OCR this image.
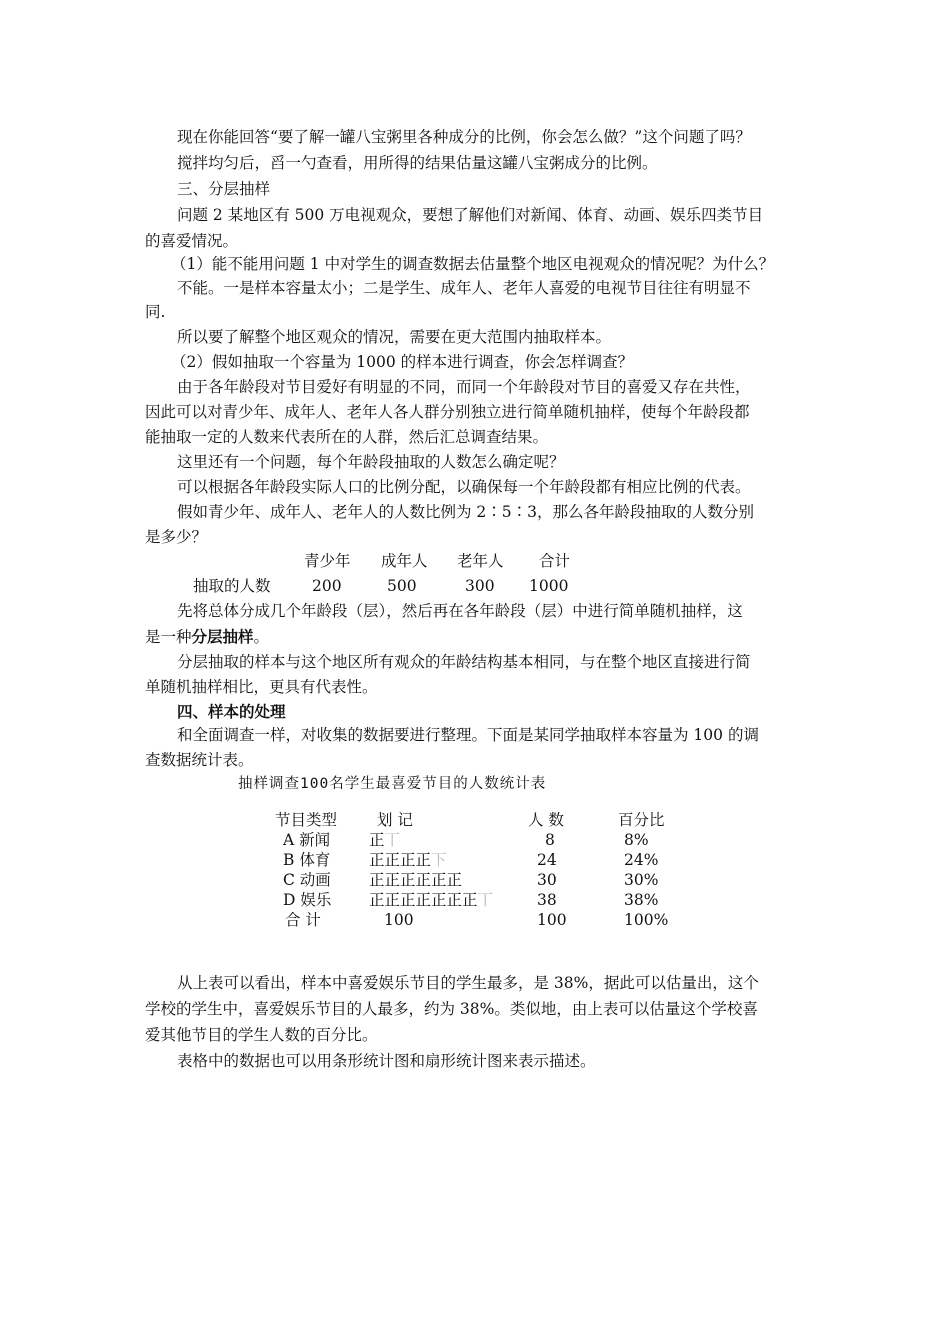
现在你能回答“要了解一罐八宝粥里各种成分的比例，你会怎么做？”这个问题了吗？
搅拌均匀后，舀一勺查看，用所得的结果估量这罐八宝粥成分的比例。
三、分层抽样
问题 2 某地区有 500 万电视观众，要想了解他们对新闻、体育、动画、娱乐四类节目
的喜爱情况。
（1）能不能用问题 1 中对学生的调查数据去估量整个地区电视观众的情况呢？为什么？
不能。一是样本容量太小；二是学生、成年人、老年人喜爱的电视节目往往有明显不
同.
所以要了解整个地区观众的情况，需要在更大范围内抽取样本。
（2）假如抽取一个容量为 1000 的样本进行调查，你会怎样调查？
由于各年龄段对节目爱好有明显的不同，而同一个年龄段对节目的喜爱又存在共性，
因此可以对青少年、成年人、老年人各人群分别独立进行简单随机抽样，使每个年龄段都
能抽取一定的人数来代表所在的人群，然后汇总调查结果。
这里还有一个问题，每个年龄段抽取的人数怎么确定呢？
可以根据各年龄段实际人口的比例分配，以确保每一个年龄段都有相应比例的代表。
假如青少年、成年人、老年人的人数比例为 2∶5∶3，那么各年龄段抽取的人数分别
是多少？
青少年 成年人 老年人 合计
抽取的人数	200	500	300 1000
先将总体分成几个年龄段（层），然后再在各年龄段（层）中进行简单随机抽样，这
是一种分层抽样。
分层抽取的样本与这个地区所有观众的年龄结构基本相同，与在整个地区直接进行简
单随机抽样相比，更具有代表性。
四、样本的处理
和全面调查一样，对收集的数据要进行整理。下面是某同学抽取样本容量为 100 的调
查数据统计表。
抽样调查100名学生最喜爱节目的人数统计表
节目类型	划 记	人 数	百分比
A 新闻	正丅	8	8%
B 体育 正正正正下	24	24%
C 动画 正正正正正正	30	30%
D 娱乐 正正正正正正正丅	38	38%
合 计	100	100	100%
从上表可以看出，样本中喜爱娱乐节目的学生最多，是 38%，据此可以估量出，这个
学校的学生中，喜爱娱乐节目的人最多，约为 38%。类似地，由上表可以估量这个学校喜
爱其他节目的学生人数的百分比。
表格中的数据也可以用条形统计图和扇形统计图来表示描述。
